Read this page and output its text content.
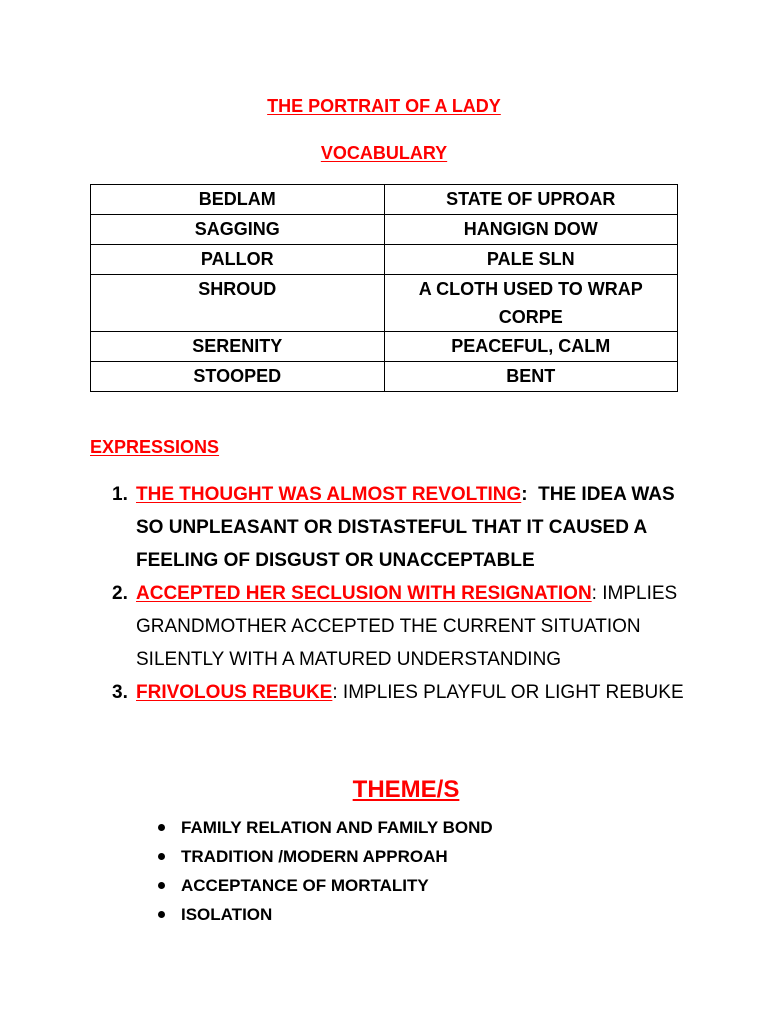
THE PORTRAIT OF A LADY
VOCABULARY
BEDLAM	STATE OF UPROAR
SAGGING	HANGIGN DOW
PALLOR	PALE SLN
SHROUD	A CLOTH USED TO WRAP CORPE
SERENITY	PEACEFUL, CALM
STOOPED	BENT
EXPRESSIONS
1. THE THOUGHT WAS ALMOST REVOLTING:  THE IDEA WAS SO UNPLEASANT OR DISTASTEFUL THAT IT CAUSED A FEELING OF DISGUST OR UNACCEPTABLE
2. ACCEPTED HER SECLUSION WITH RESIGNATION: IMPLIES GRANDMOTHER ACCEPTED THE CURRENT SITUATION SILENTLY WITH A MATURED UNDERSTANDING
3. FRIVOLOUS REBUKE: IMPLIES PLAYFUL OR LIGHT REBUKE
THEME/S
FAMILY RELATION AND FAMILY BOND
TRADITION /MODERN APPROAH
ACCEPTANCE OF MORTALITY
ISOLATION
